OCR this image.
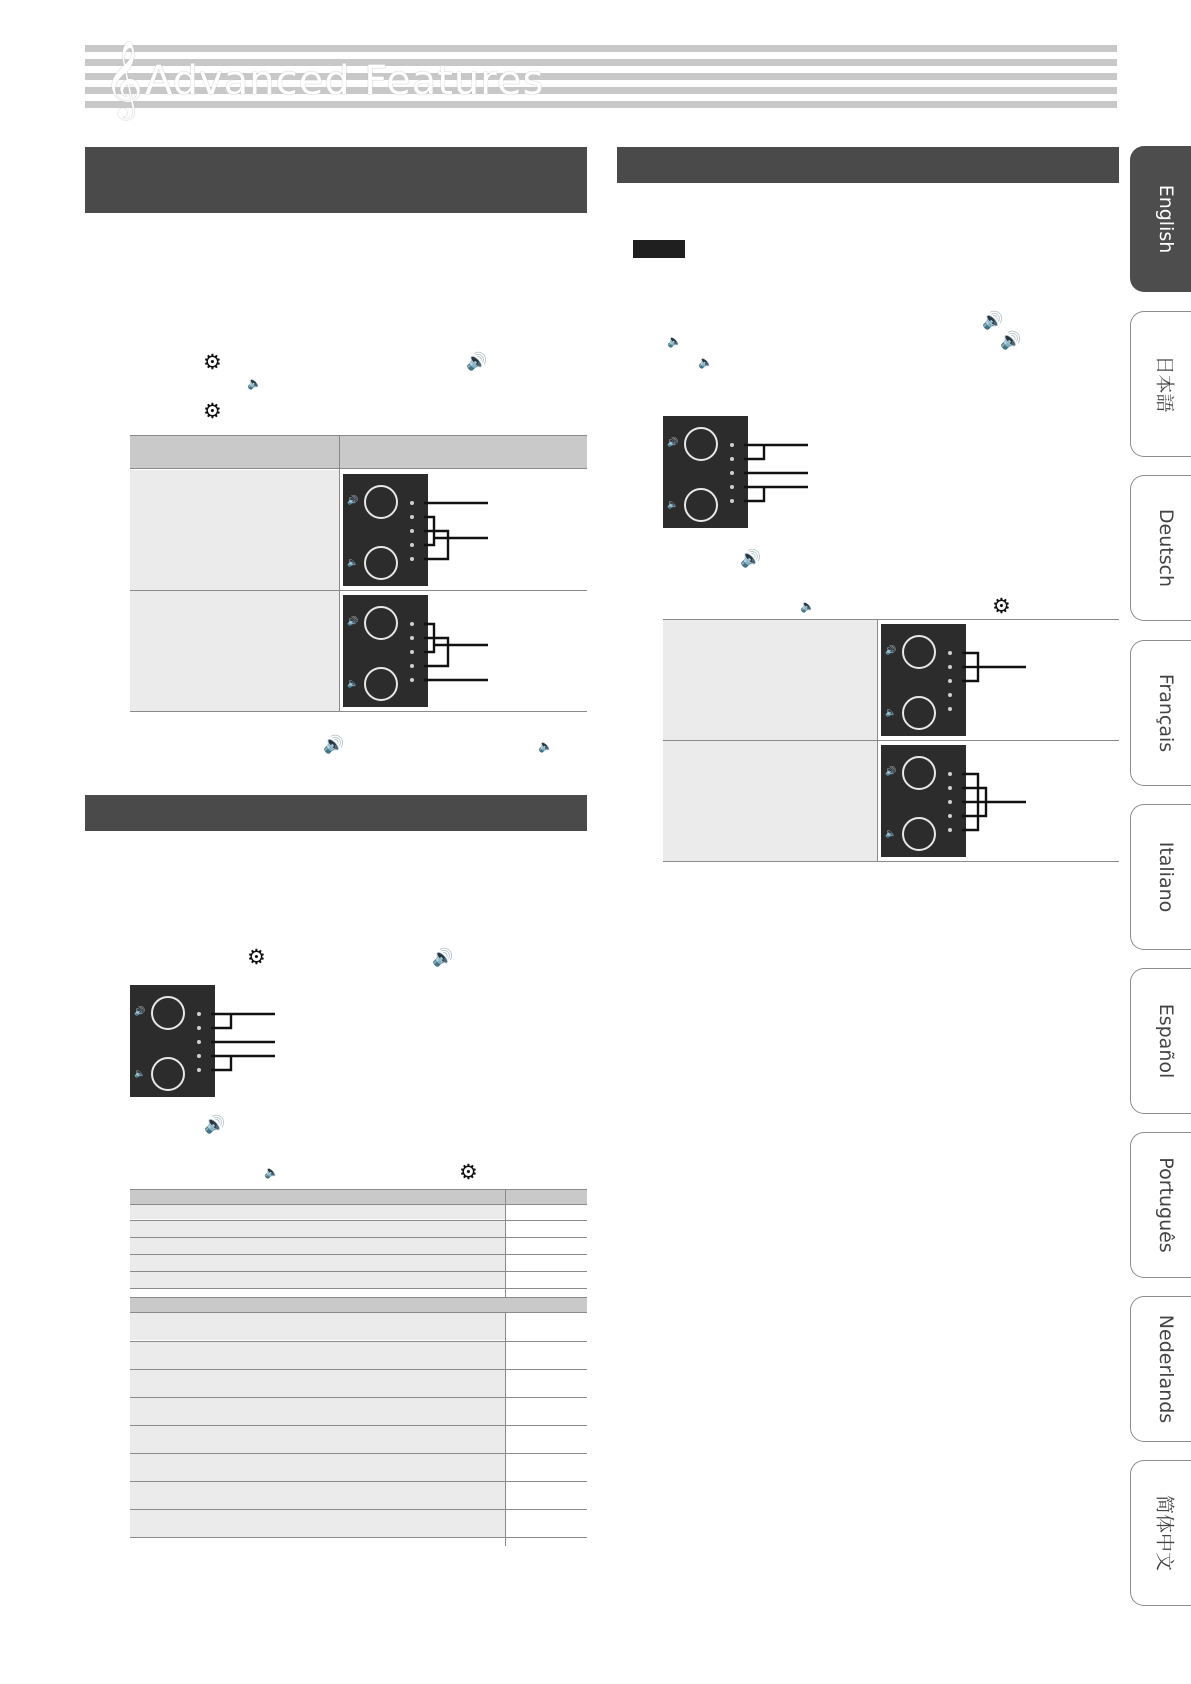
𝄞 Advanced Features
⚙	🔊
🔈
⚙
🔊
🔈
🔊
🔈
🔊	🔈
⚙	🔊
🔊
🔈
🔊
🔈	⚙
🔊
🔈	🔊
🔈
🔊
🔈
🔊
🔈	⚙
🔊
🔈
🔊
🔈
English
日本語
Deutsch
Français
Italiano
Español
Português
Nederlands
简体中文
